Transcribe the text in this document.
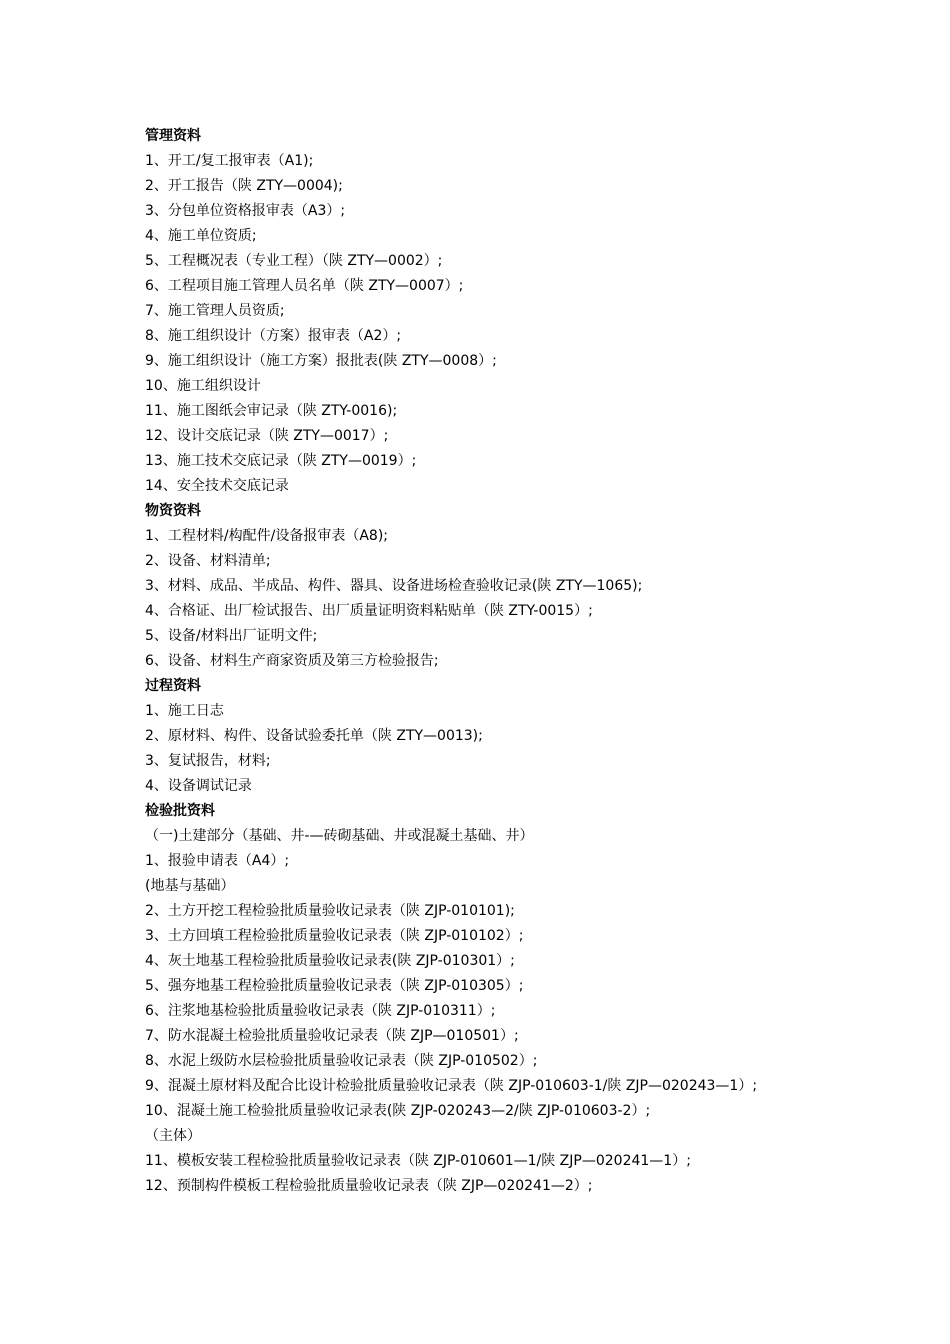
管理资料
1、开工/复工报审表（A1);
2、开工报告（陕 ZTY—0004);
3、分包单位资格报审表（A3）;
4、施工单位资质;
5、工程概况表（专业工程）（陕 ZTY—0002）;
6、工程项目施工管理人员名单（陕 ZTY—0007）;
7、施工管理人员资质;
8、施工组织设计（方案）报审表（A2）;
9、施工组织设计（施工方案）报批表(陕 ZTY—0008）;
10、施工组织设计
11、施工图纸会审记录（陕 ZTY-0016);
12、设计交底记录（陕 ZTY—0017）;
13、施工技术交底记录（陕 ZTY—0019）;
14、安全技术交底记录
物资资料
1、工程材料/构配件/设备报审表（A8);
2、设备、材料清单;
3、材料、成品、半成品、构件、器具、设备进场检查验收记录(陕 ZTY—1065);
4、合格证、出厂检试报告、出厂质量证明资料粘贴单（陕 ZTY-0015）;
5、设备/材料出厂证明文件;
6、设备、材料生产商家资质及第三方检验报告;
过程资料
1、施工日志
2、原材料、构件、设备试验委托单（陕 ZTY—0013);
3、复试报告，材料;
4、设备调试记录
检验批资料
（一)土建部分（基础、井-—砖砌基础、井或混凝土基础、井）
1、报验申请表（A4）;
(地基与基础）
2、土方开挖工程检验批质量验收记录表（陕 ZJP-010101);
3、土方回填工程检验批质量验收记录表（陕 ZJP-010102）;
4、灰土地基工程检验批质量验收记录表(陕 ZJP-010301）;
5、强夯地基工程检验批质量验收记录表（陕 ZJP-010305）;
6、注浆地基检验批质量验收记录表（陕 ZJP-010311）;
7、防水混凝土检验批质量验收记录表（陕 ZJP—010501）;
8、水泥上级防水层检验批质量验收记录表（陕 ZJP-010502）;
9、混凝土原材料及配合比设计检验批质量验收记录表（陕 ZJP-010603-1/陕 ZJP—020243—1）;
10、混凝土施工检验批质量验收记录表(陕 ZJP-020243—2/陕 ZJP-010603-2）;
（主体）
11、模板安装工程检验批质量验收记录表（陕 ZJP-010601—1/陕 ZJP—020241—1）;
12、预制构件模板工程检验批质量验收记录表（陕 ZJP—020241—2）;
